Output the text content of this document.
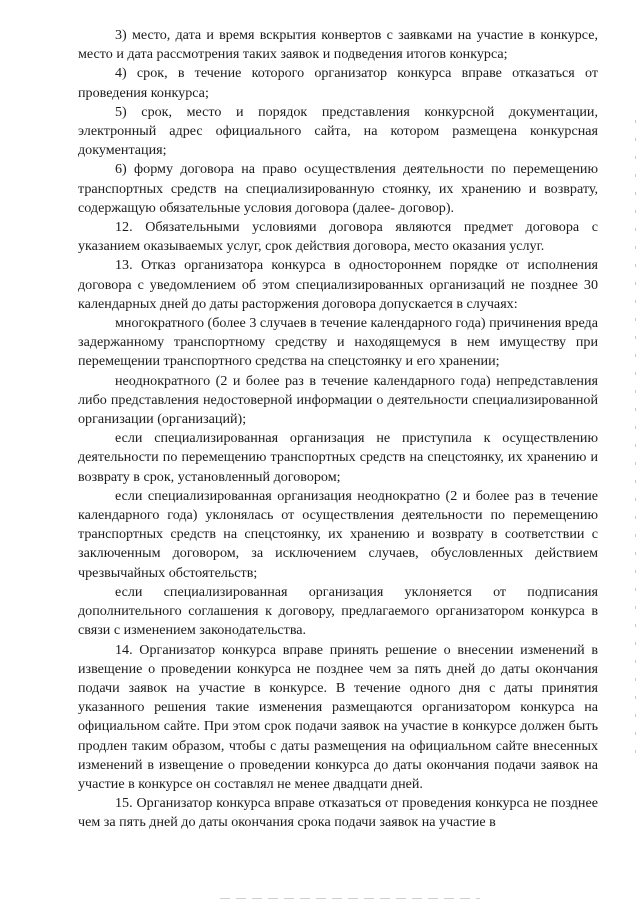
3) место, дата и время вскрытия конвертов с заявками на участие в конкурсе, место и дата рассмотрения таких заявок и подведения итогов конкурса;

4) срок, в течение которого организатор конкурса вправе отказаться от проведения конкурса;

5) срок, место и порядок представления конкурсной документации, электронный адрес официального сайта, на котором размещена конкурсная документация;

6) форму договора на право осуществления деятельности по перемещению транспортных средств на специализированную стоянку, их хранению и возврату, содержащую обязательные условия договора (далее- договор).

12. Обязательными условиями договора являются предмет договора с указанием оказываемых услуг, срок действия договора, место оказания услуг.

13. Отказ организатора конкурса в одностороннем порядке от исполнения договора с уведомлением об этом специализированных организаций не позднее 30 календарных дней до даты расторжения договора допускается в случаях:

многократного (более 3 случаев в течение календарного года) причинения вреда задержанному транспортному средству и находящемуся в нем имуществу при перемещении транспортного средства на спецстоянку и его хранении;

неоднократного (2 и более раз в течение календарного года) непредставления либо представления недостоверной информации о деятельности специализированной организации (организаций);

если специализированная организация не приступила к осуществлению деятельности по перемещению транспортных средств на спецстоянку, их хранению и возврату в срок, установленный договором;

если специализированная организация неоднократно (2 и более раз в течение календарного года) уклонялась от осуществления деятельности по перемещению транспортных средств на спецстоянку, их хранению и возврату в соответствии с заключенным договором, за исключением случаев, обусловленных действием чрезвычайных обстоятельств;

если специализированная организация уклоняется от подписания дополнительного соглашения к договору, предлагаемого организатором конкурса в связи с изменением законодательства.

14. Организатор конкурса вправе принять решение о внесении изменений в извещение о проведении конкурса не позднее чем за пять дней до даты окончания подачи заявок на участие в конкурсе. В течение одного дня с даты принятия указанного решения такие изменения размещаются организатором конкурса на официальном сайте. При этом срок подачи заявок на участие в конкурсе должен быть продлен таким образом, чтобы с даты размещения на официальном сайте внесенных изменений в извещение о проведении конкурса до даты окончания подачи заявок на участие в конкурсе он составлял не менее двадцати дней.

15. Организатор конкурса вправе отказаться от проведения конкурса не позднее чем за пять дней до даты окончания срока подачи заявок на участие в
